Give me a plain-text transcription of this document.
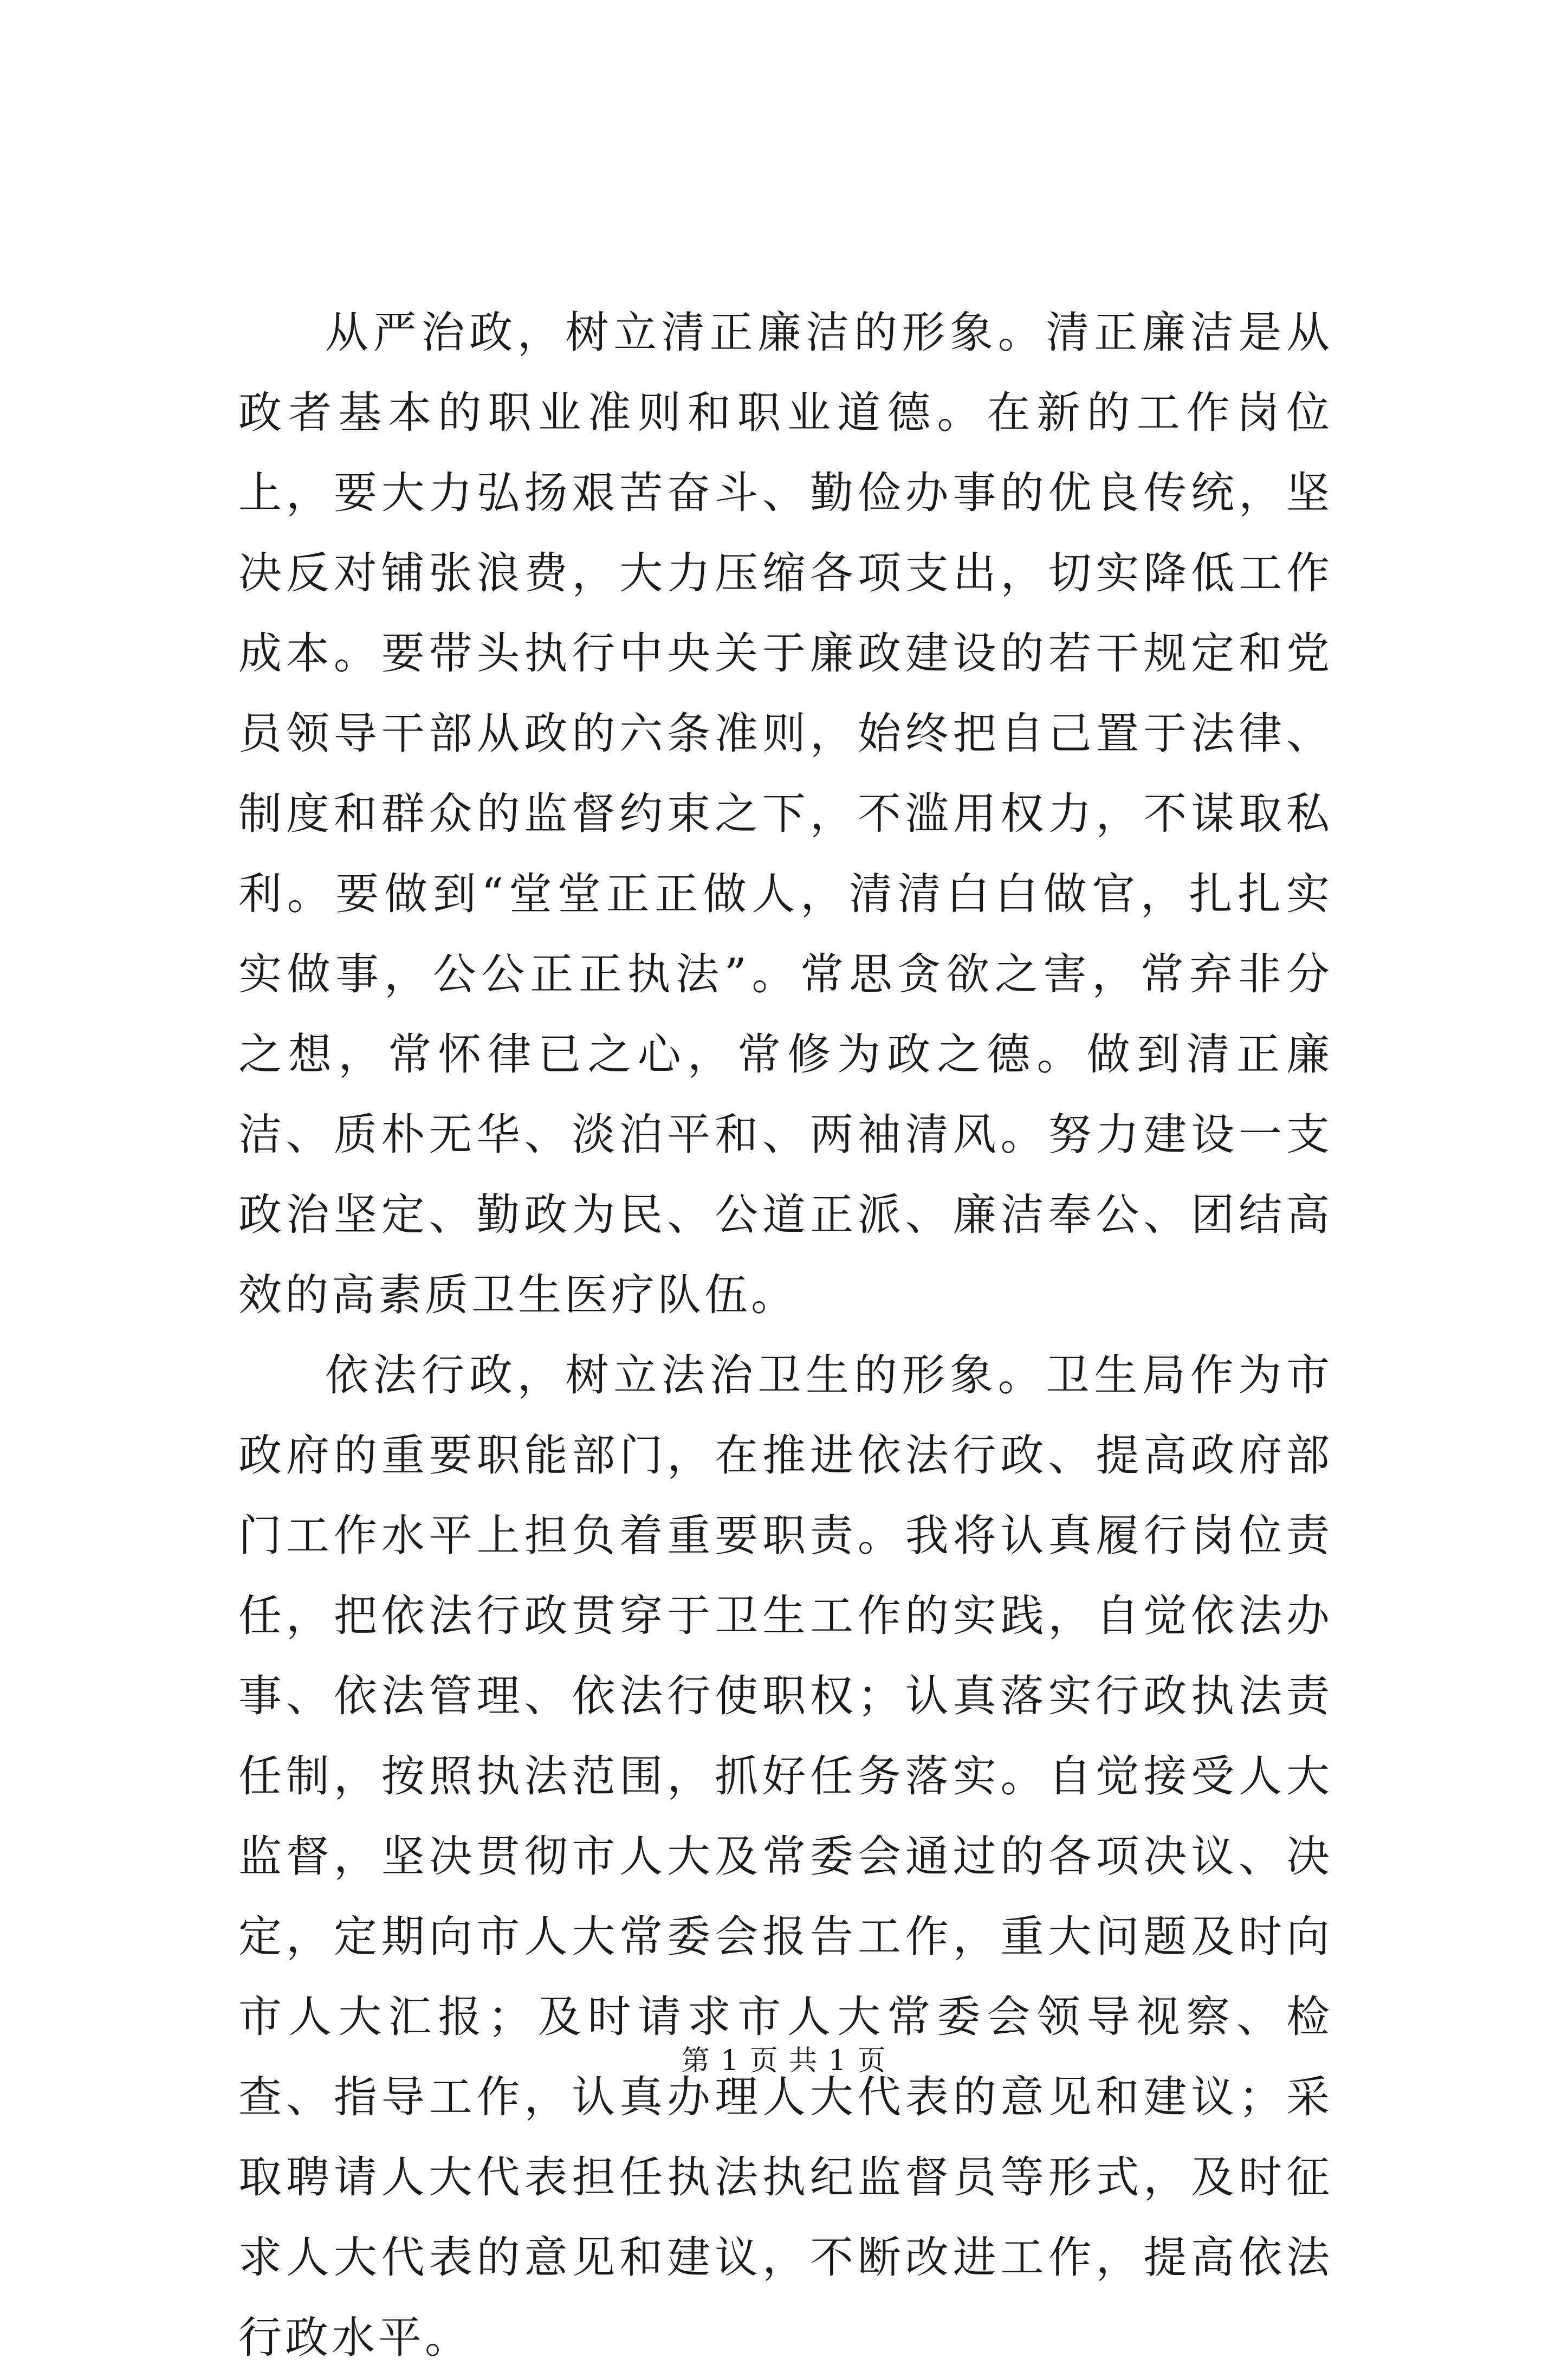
从严治政，树立清正廉洁的形象。清正廉洁是从政者基本的职业准则和职业道德。在新的工作岗位上，要大力弘扬艰苦奋斗、勤俭办事的优良传统，坚决反对铺张浪费，大力压缩各项支出，切实降低工作成本。要带头执行中央关于廉政建设的若干规定和党员领导干部从政的六条准则，始终把自己置于法律、制度和群众的监督约束之下，不滥用权力，不谋取私利。要做到“堂堂正正做人，清清白白做官，扎扎实实做事，公公正正执法”。常思贪欲之害，常弃非分之想，常怀律已之心，常修为政之德。做到清正廉洁、质朴无华、淡泊平和、两袖清风。努力建设一支政治坚定、勤政为民、公道正派、廉洁奉公、团结高效的高素质卫生医疗队伍。

依法行政，树立法治卫生的形象。卫生局作为市政府的重要职能部门，在推进依法行政、提高政府部门工作水平上担负着重要职责。我将认真履行岗位责任，把依法行政贯穿于卫生工作的实践，自觉依法办事、依法管理、依法行使职权；认真落实行政执法责任制，按照执法范围，抓好任务落实。自觉接受人大监督，坚决贯彻市人大及常委会通过的各项决议、决定，定期向市人大常委会报告工作，重大问题及时向市人大汇报；及时请求市人大常委会领导视察、检查、指导工作，认真办理人大代表的意见和建议；采取聘请人大代表担任执法执纪监督员等形式，及时征求人大代表的意见和建议，不断改进工作，提高依法行政水平。

第 1 页 共 1 页
